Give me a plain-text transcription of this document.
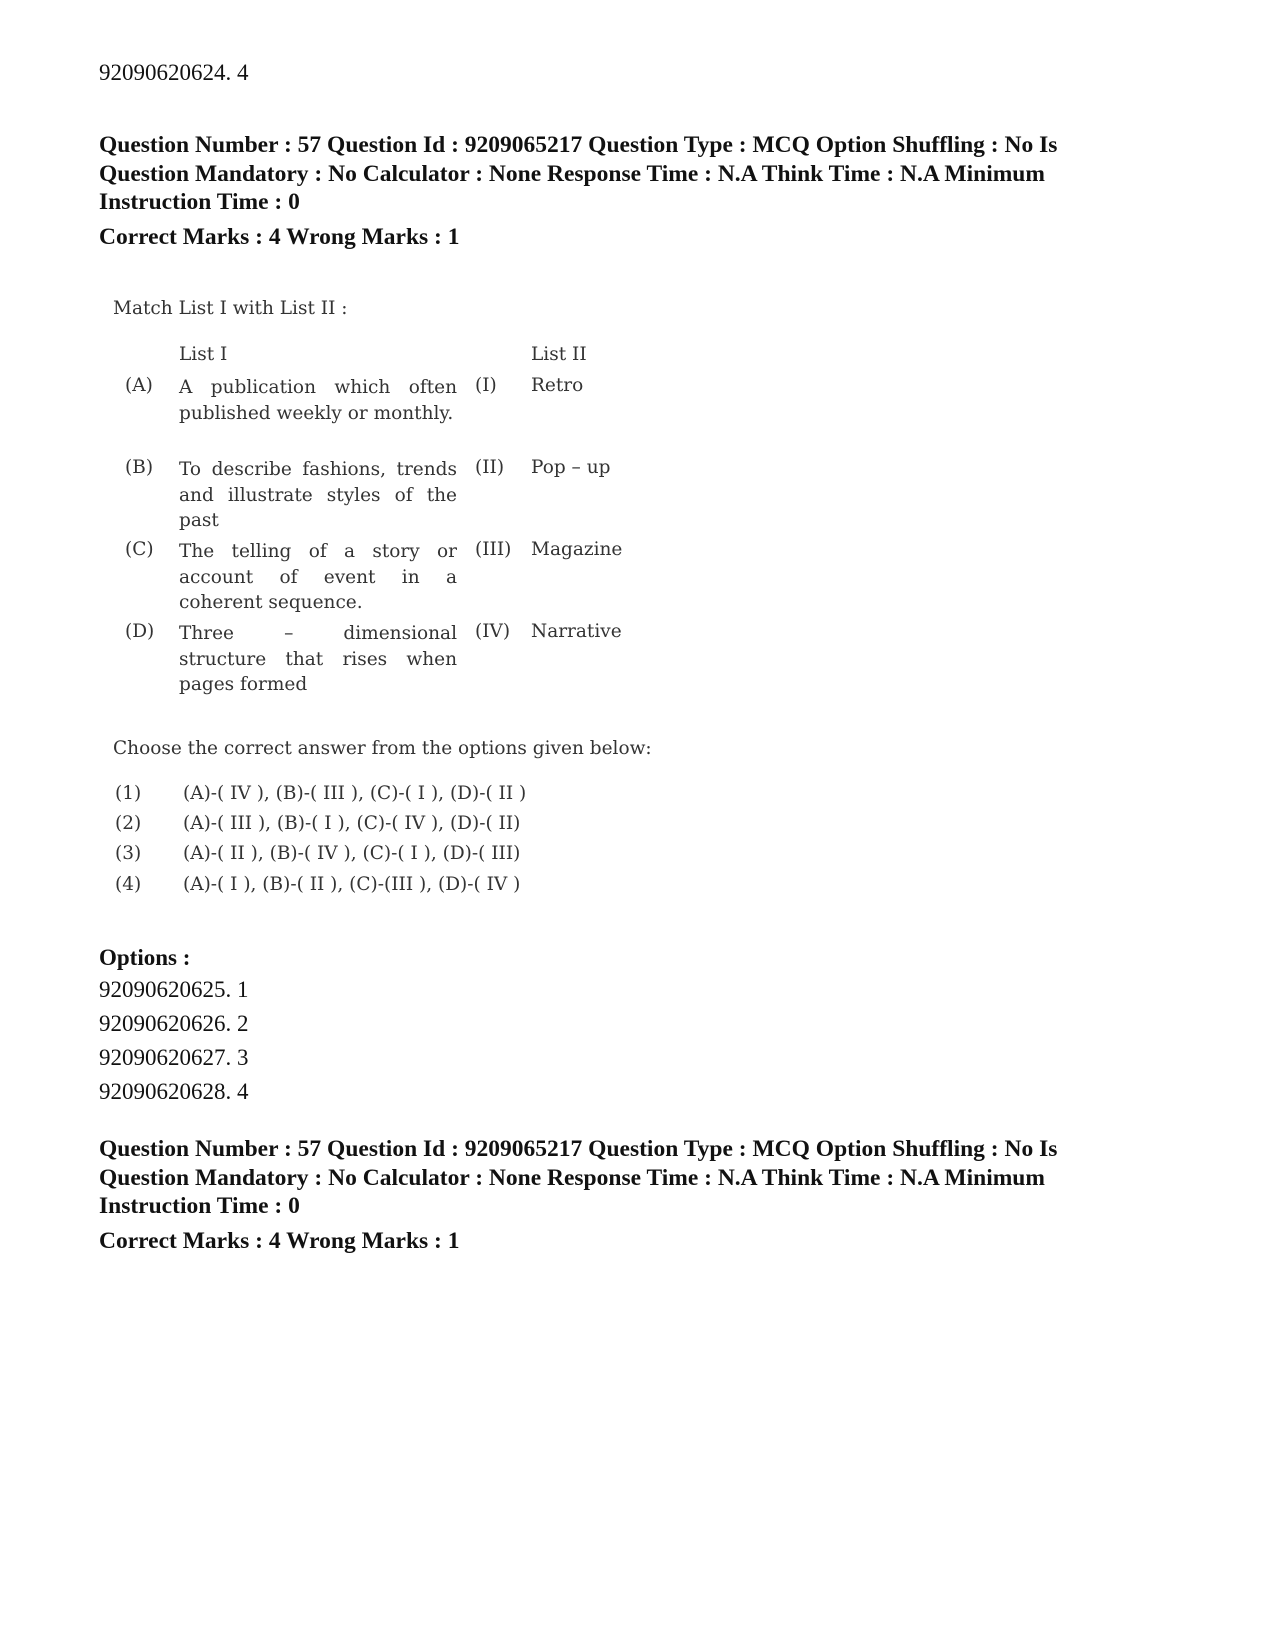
92090620624. 4
Question Number : 57 Question Id : 9209065217 Question Type : MCQ Option Shuffling : No Is
Question Mandatory : No Calculator : None Response Time : N.A Think Time : N.A Minimum
Instruction Time : 0
Correct Marks : 4 Wrong Marks : 1
Match List I with List II :
List I	List II
(A) A publication which often published weekly or monthly.
(I) Retro
(B) To describe fashions, trends and illustrate styles of the past
(II) Pop – up
(C) The telling of a story or account of event in a coherent sequence.
(III) Magazine
(D) Three – dimensional structure that rises when pages formed
(IV) Narrative
Choose the correct answer from the options given below:
(1) (A)-( IV ), (B)-( III ), (C)-( I ), (D)-( II )
(2) (A)-( III ), (B)-( I ), (C)-( IV ), (D)-( II)
(3) (A)-( II ), (B)-( IV ), (C)-( I ), (D)-( III)
(4) (A)-( I ), (B)-( II ), (C)-(III ), (D)-( IV )
Options :
92090620625. 1
92090620626. 2
92090620627. 3
92090620628. 4
Question Number : 57 Question Id : 9209065217 Question Type : MCQ Option Shuffling : No Is
Question Mandatory : No Calculator : None Response Time : N.A Think Time : N.A Minimum
Instruction Time : 0
Correct Marks : 4 Wrong Marks : 1
